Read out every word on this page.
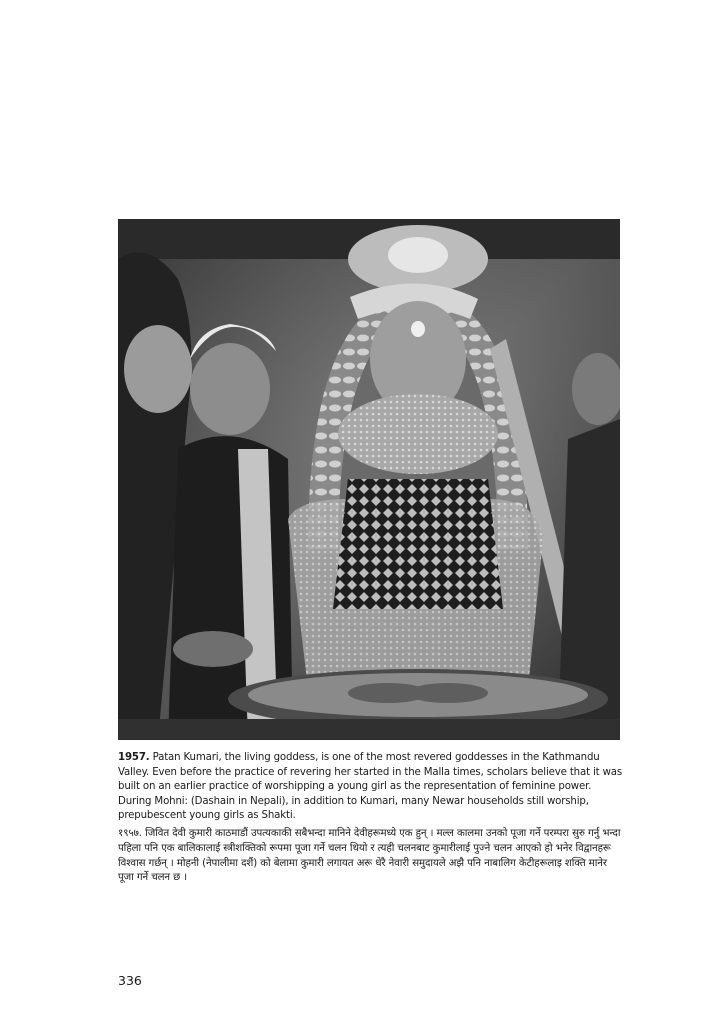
1957. Patan Kumari, the living goddess, is one of the most revered goddesses in the Kathmandu Valley. Even before the practice of revering her started in the Malla times, scholars believe that it was built on an earlier practice of worshipping a young girl as the representation of feminine power. During Mohni: (Dashain in Nepali), in addition to Kumari, many Newar households still worship, prepubescent young girls as Shakti.

१९५७. जिवित देवी कुमारी काठमाडौं उपत्यकाकी सबैभन्दा मानिने देवीहरूमध्ये एक हुन् । मल्ल कालमा उनको पूजा गर्ने परम्परा सुरु गर्नु भन्दा पहिला पनि एक बालिकालाई स्त्रीशक्तिको रूपमा पूजा गर्ने चलन थियो र त्यही चलनबाट कुमारीलाई पुज्ने चलन आएको हो भनेर विद्वानहरू विश्वास गर्छन् । मोहनी (नेपालीमा दशैं) को बेलामा कुमारी लगायत अरू धेरै नेवारी समुदायले अझै पनि नाबालिग केटीहरूलाइ शक्ति मानेर पूजा गर्ने चलन छ ।

336
